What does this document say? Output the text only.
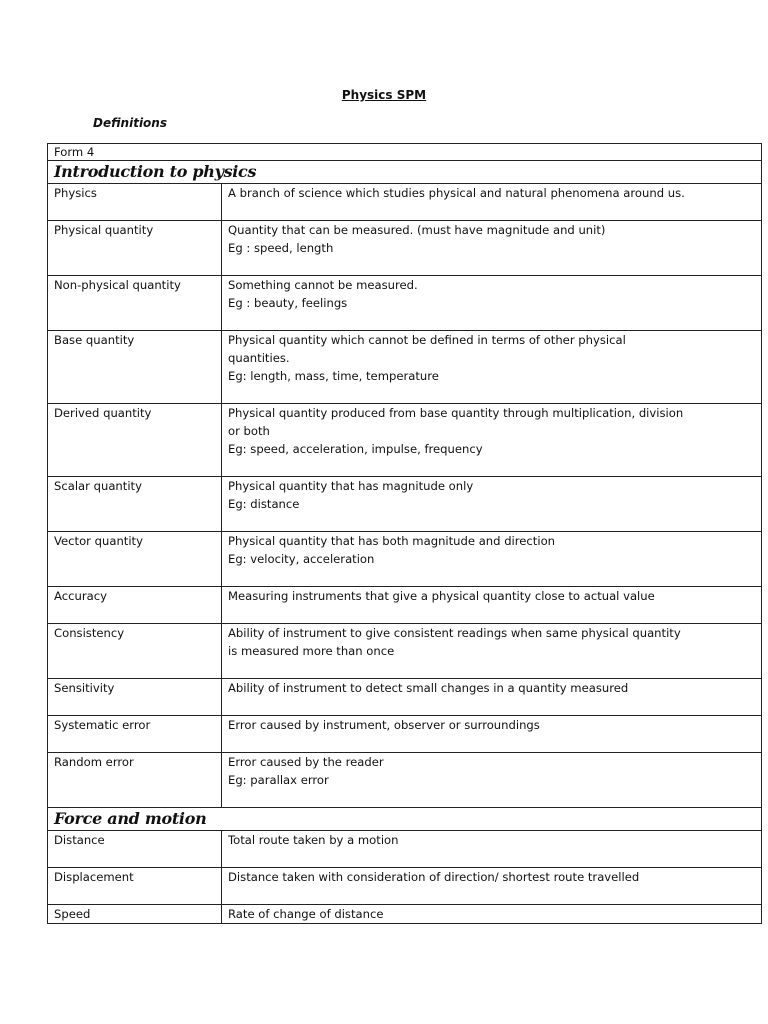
Physics SPM
Definitions
Form 4	
Introduction to physics	
Physics	A branch of science which studies physical and natural phenomena around us.

Physical quantity	Quantity that can be measured. (must have magnitude and unit)
Eg : speed, length

Non-physical quantity	Something cannot be measured.
Eg : beauty, feelings

Base quantity	Physical quantity which cannot be defined in terms of other physical
quantities.
Eg: length, mass, time, temperature

Derived quantity	Physical quantity produced from base quantity through multiplication, division
or both
Eg: speed, acceleration, impulse, frequency

Scalar quantity	Physical quantity that has magnitude only
Eg: distance

Vector quantity	Physical quantity that has both magnitude and direction
Eg: velocity, acceleration

Accuracy	Measuring instruments that give a physical quantity close to actual value

Consistency	Ability of instrument to give consistent readings when same physical quantity
is measured more than once

Sensitivity	Ability of instrument to detect small changes in a quantity measured

Systematic error	Error caused by instrument, observer or surroundings

Random error	Error caused by the reader
Eg: parallax error

Force and motion	
Distance	Total route taken by a motion

Displacement	Distance taken with consideration of direction/ shortest route travelled

Speed	Rate of change of distance
